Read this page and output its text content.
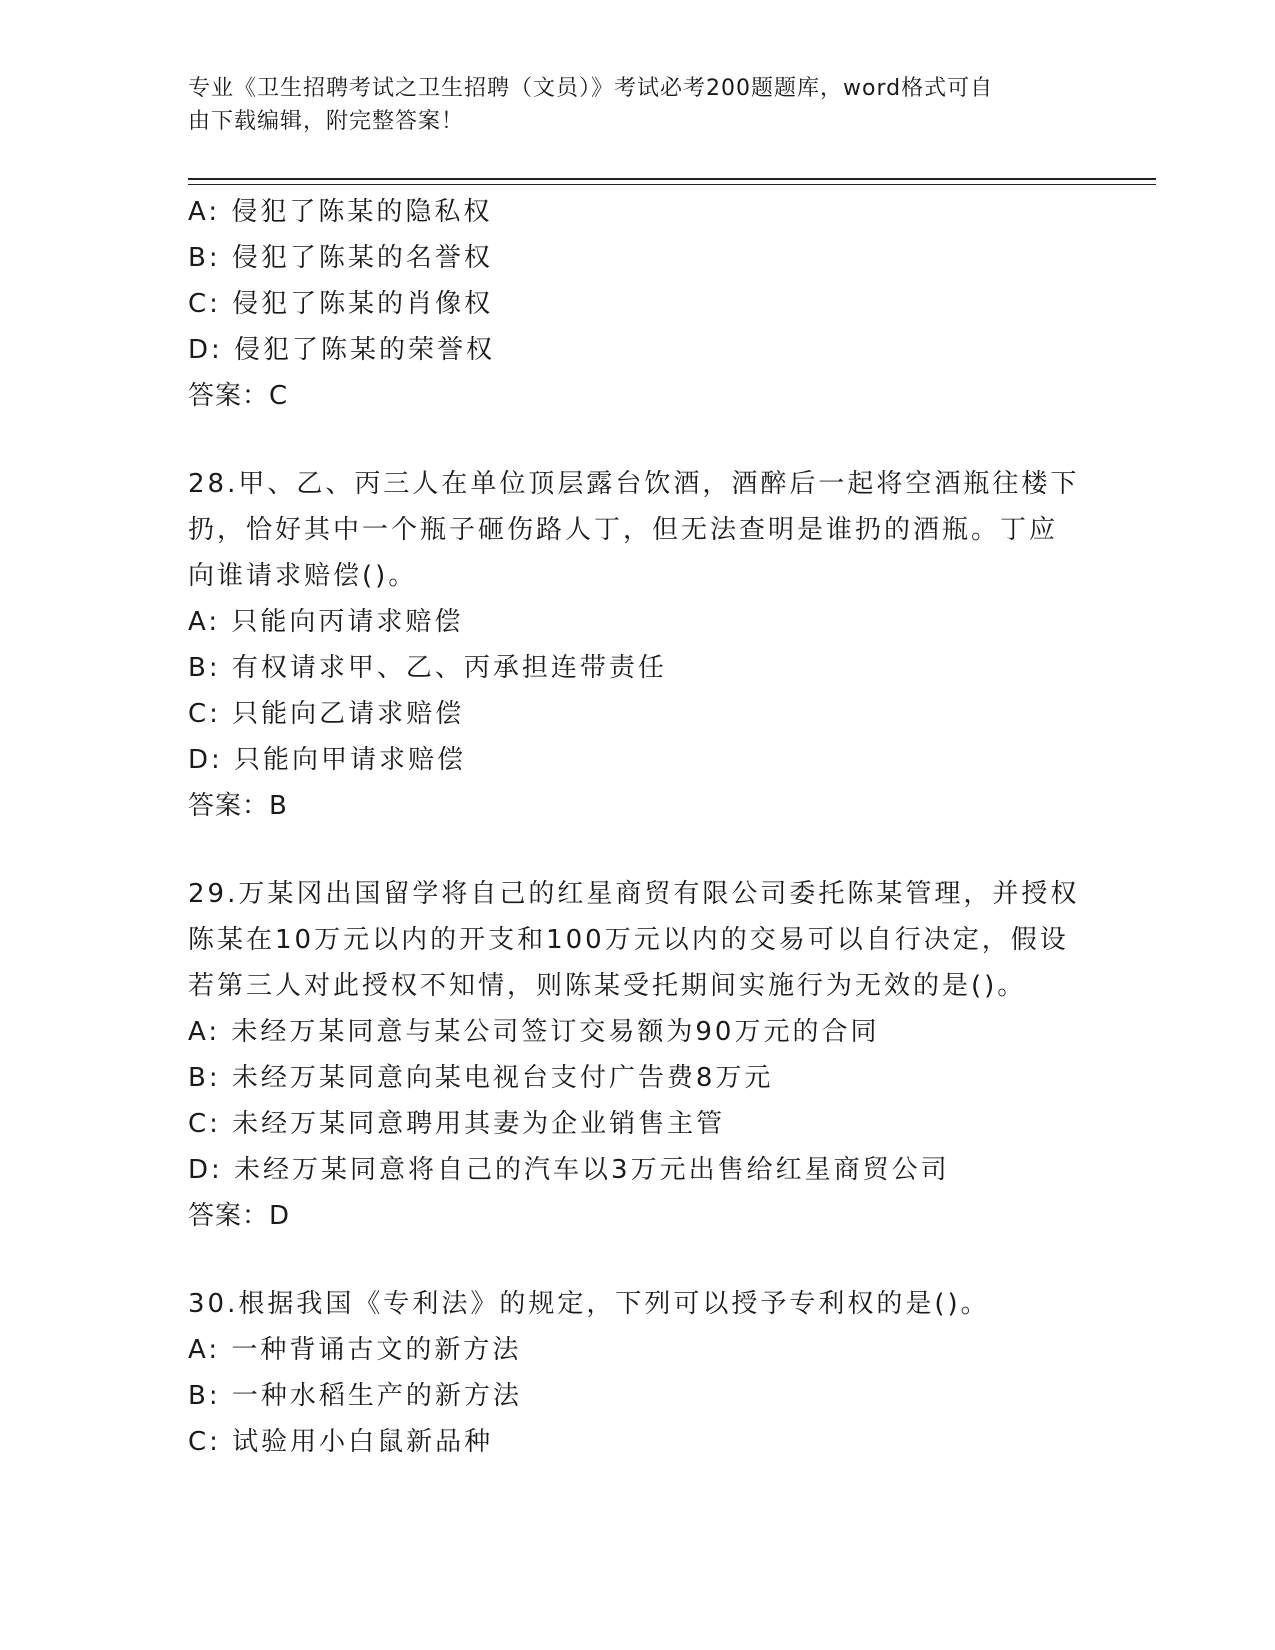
专业《卫生招聘考试之卫生招聘（文员）》考试必考200题题库，word格式可自
由下载编辑，附完整答案！
A: 侵犯了陈某的隐私权
B: 侵犯了陈某的名誉权
C: 侵犯了陈某的肖像权
D: 侵犯了陈某的荣誉权
答案：C
28.甲、乙、丙三人在单位顶层露台饮酒，酒醉后一起将空酒瓶往楼下
扔，恰好其中一个瓶子砸伤路人丁，但无法查明是谁扔的酒瓶。丁应
向谁请求赔偿()。
A: 只能向丙请求赔偿
B: 有权请求甲、乙、丙承担连带责任
C: 只能向乙请求赔偿
D: 只能向甲请求赔偿
答案：B
29.万某冈出国留学将自己的红星商贸有限公司委托陈某管理，并授权
陈某在10万元以内的开支和100万元以内的交易可以自行决定，假设
若第三人对此授权不知情，则陈某受托期间实施行为无效的是()。
A: 未经万某同意与某公司签订交易额为90万元的合同
B: 未经万某同意向某电视台支付广告费8万元
C: 未经万某同意聘用其妻为企业销售主管
D: 未经万某同意将自己的汽车以3万元出售给红星商贸公司
答案：D
30.根据我国《专利法》的规定，下列可以授予专利权的是()。
A: 一种背诵古文的新方法
B: 一种水稻生产的新方法
C: 试验用小白鼠新品种
